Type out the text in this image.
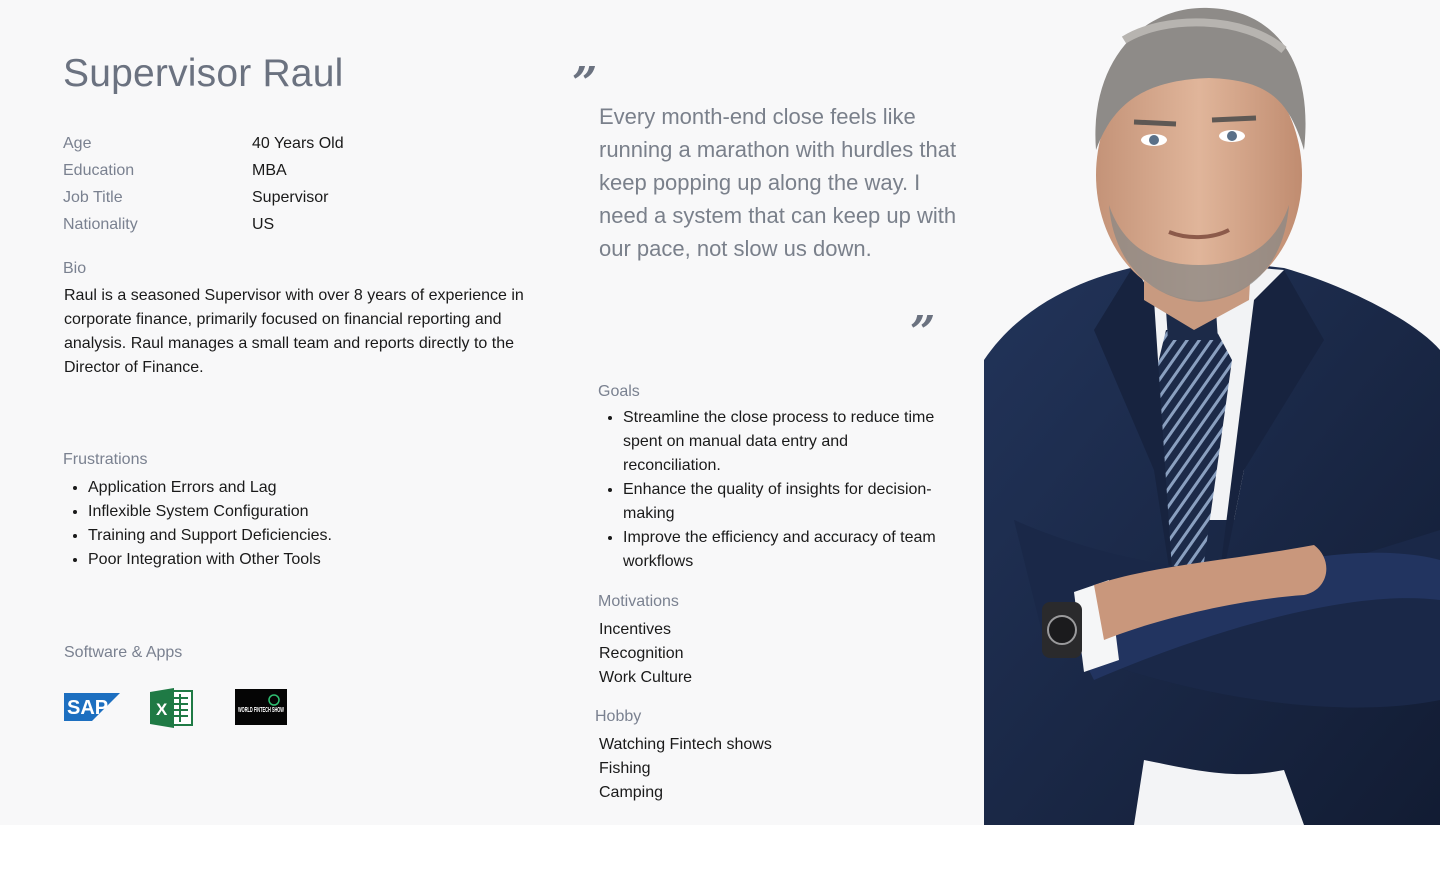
Supervisor Raul
Age	40 Years Old
Education	MBA
Job Title	Supervisor
Nationality	US
Bio
Raul is a seasoned Supervisor with over 8 years of experience in corporate finance, primarily focused on financial reporting and analysis. Raul manages a small team and reports directly to the Director of Finance.
Frustrations
Application Errors and Lag
Inflexible System Configuration
Training and Support Deficiencies.
Poor Integration with Other Tools
Software & Apps
SAP	X	WORLD FINTECH SHOW
”
Every month-end close feels like running a marathon with hurdles that keep popping up along the way. I need a system that can keep up with our pace, not slow us down.
”
Goals
Streamline the close process to reduce time spent on manual data entry and reconciliation.
Enhance the quality of insights for decision-making
Improve the efficiency and accuracy of team workflows
Motivations
Incentives
Recognition
Work Culture
Hobby
Watching Fintech shows
Fishing
Camping
